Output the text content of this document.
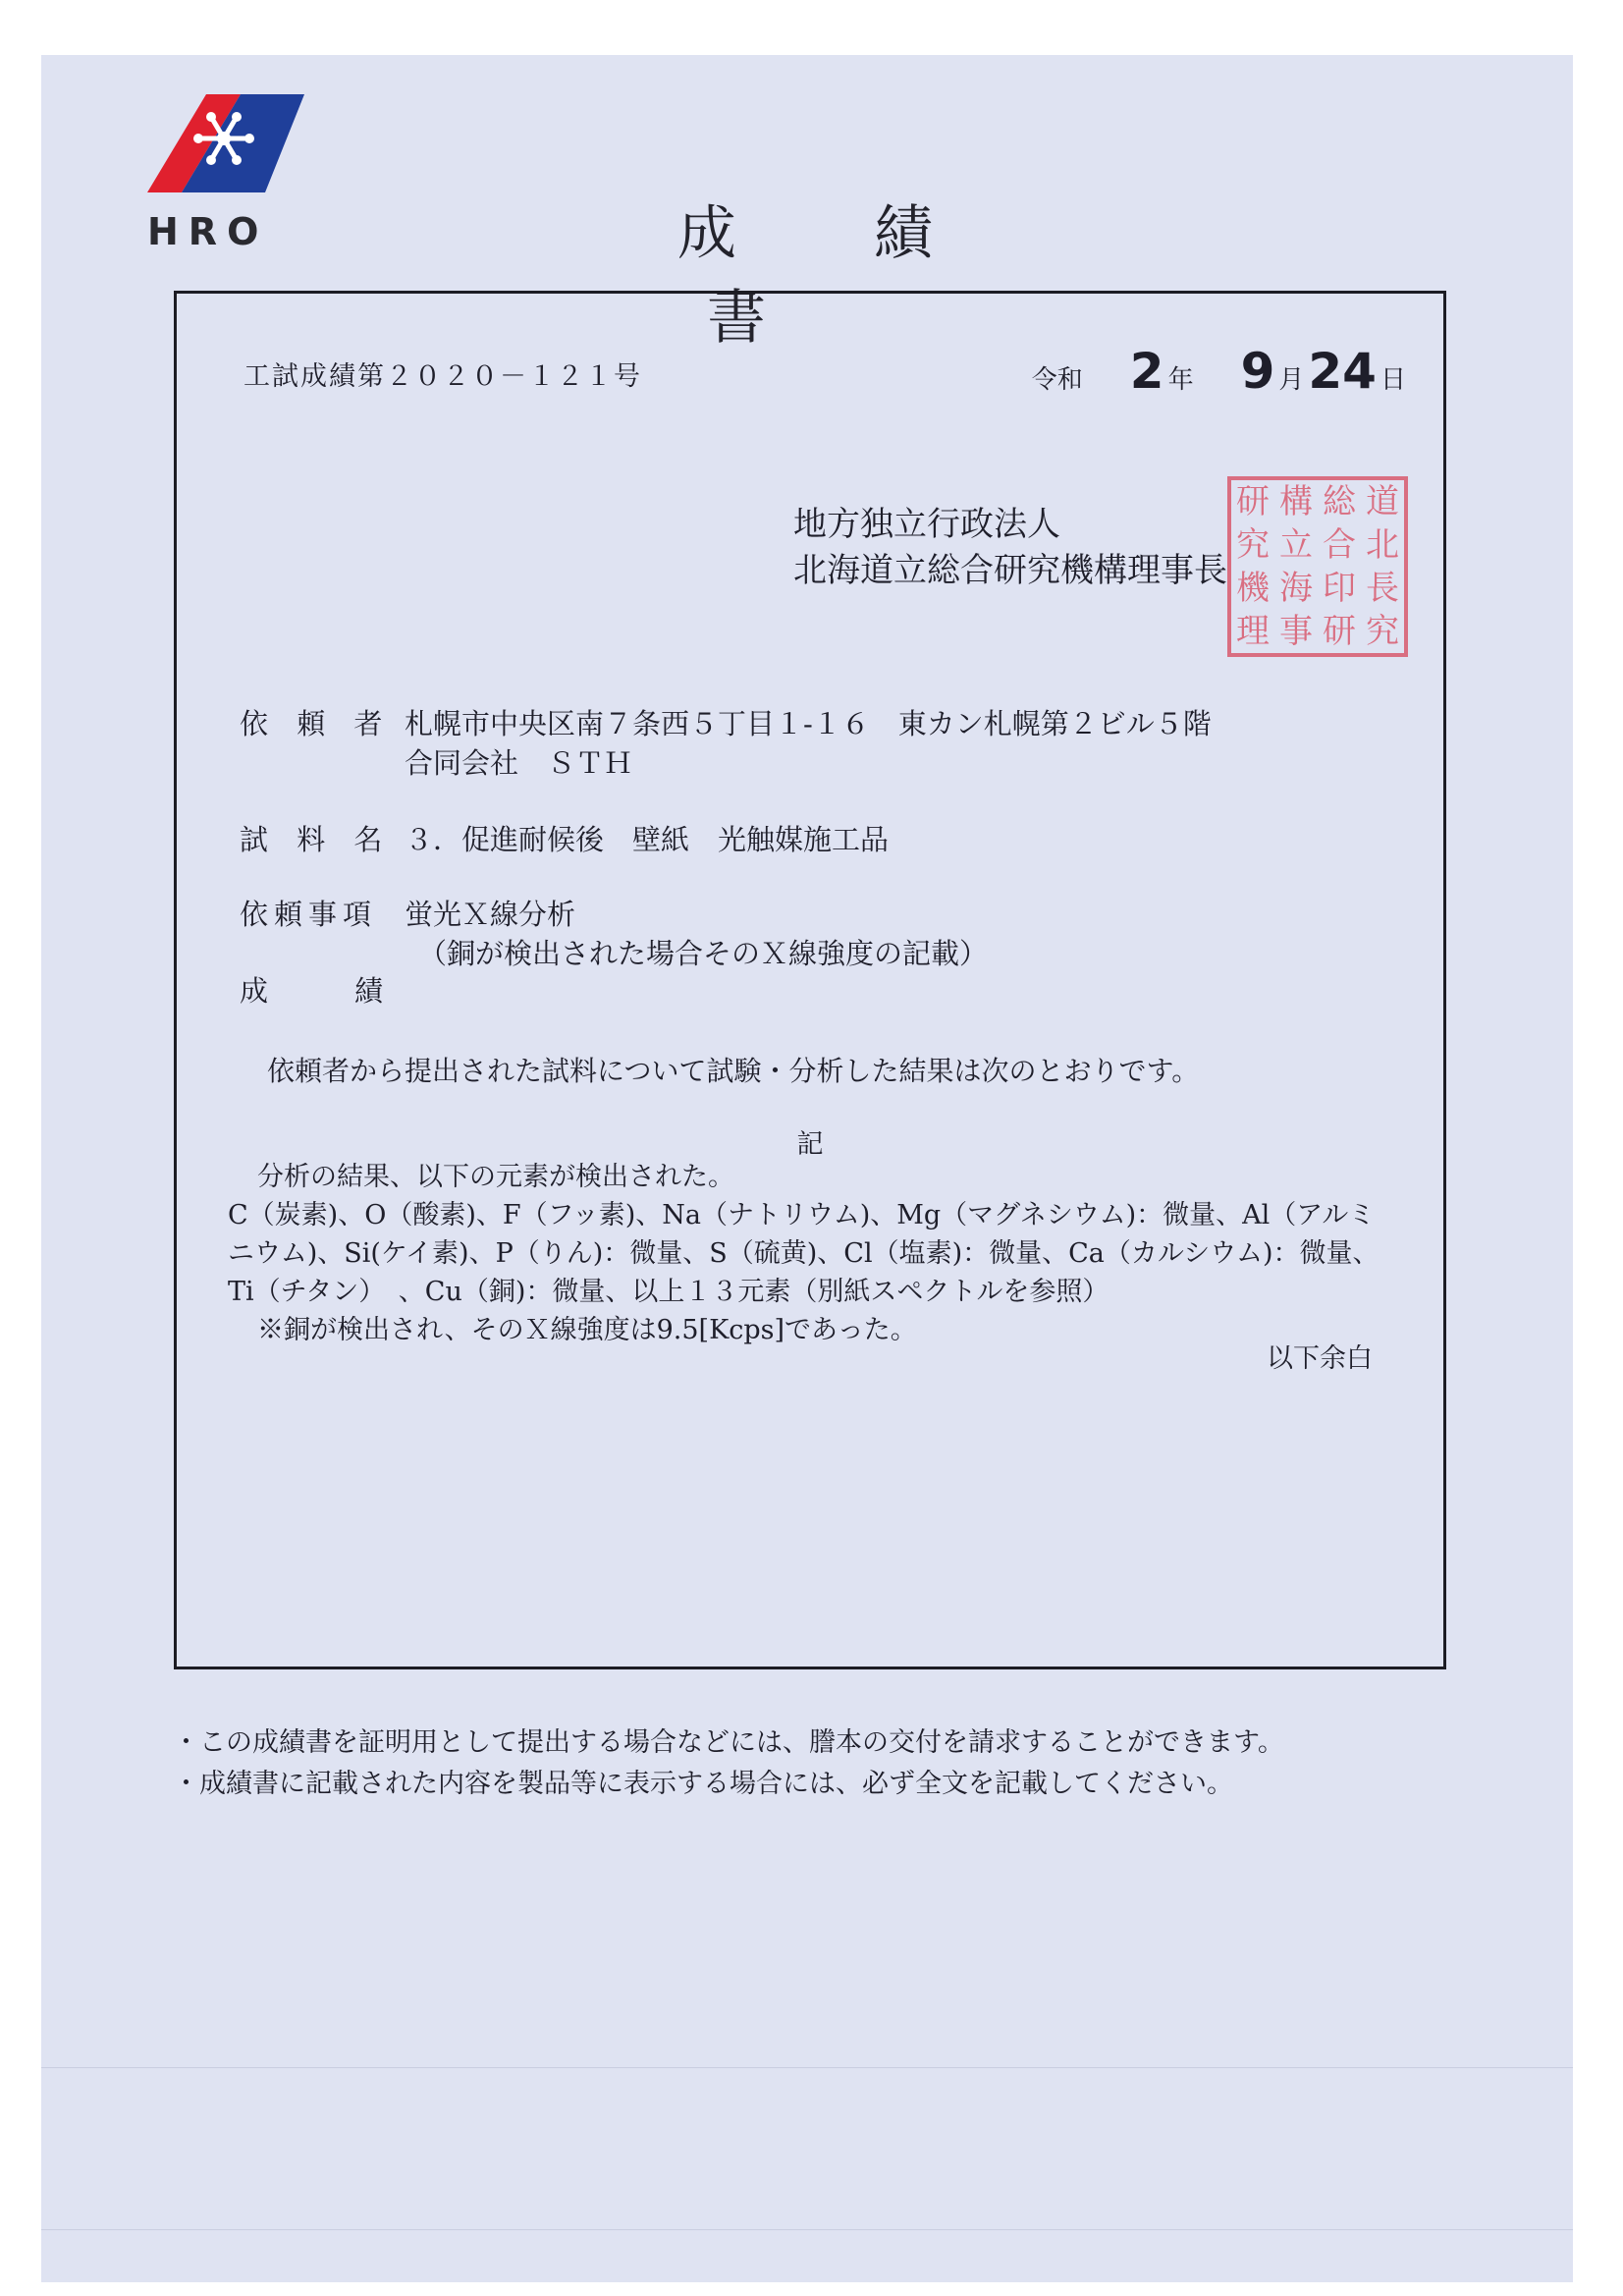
HRO	成績書
工試成績第２０２０－１２１号	令和 2 年 9 月 24 日
地方独立行政法人
北海道立総合研究機構理事長
研 構 総 道
究 立 合 北
機 海 印 長
理 事 研 究
依 頼 者 札幌市中央区南７条西５丁目１-１６　東カン札幌第２ビル５階
合同会社　ＳＴＨ
試 料 名 ３．促進耐候後　壁紙　光触媒施工品
依頼事項 蛍光Ｘ線分析
（銅が検出された場合そのＸ線強度の記載）
成　　績
依頼者から提出された試料について試験・分析した結果は次のとおりです。
記

分析の結果、以下の元素が検出された。

C（炭素)、O（酸素)、F（フッ素)、Na（ナトリウム)、Mg（マグネシウム)：微量、Al（アルミ

ニウム)、Si(ケイ素)、P（りん)：微量、S（硫黄)、Cl（塩素)：微量、Ca（カルシウム)：微量、

Ti（チタン）　、Cu（銅)：微量、以上１３元素（別紙スペクトルを参照）

※銅が検出され、そのＸ線強度は9.5[Kcps]であった。

以下余白

・この成績書を証明用として提出する場合などには、謄本の交付を請求することができます。

・成績書に記載された内容を製品等に表示する場合には、必ず全文を記載してください。
